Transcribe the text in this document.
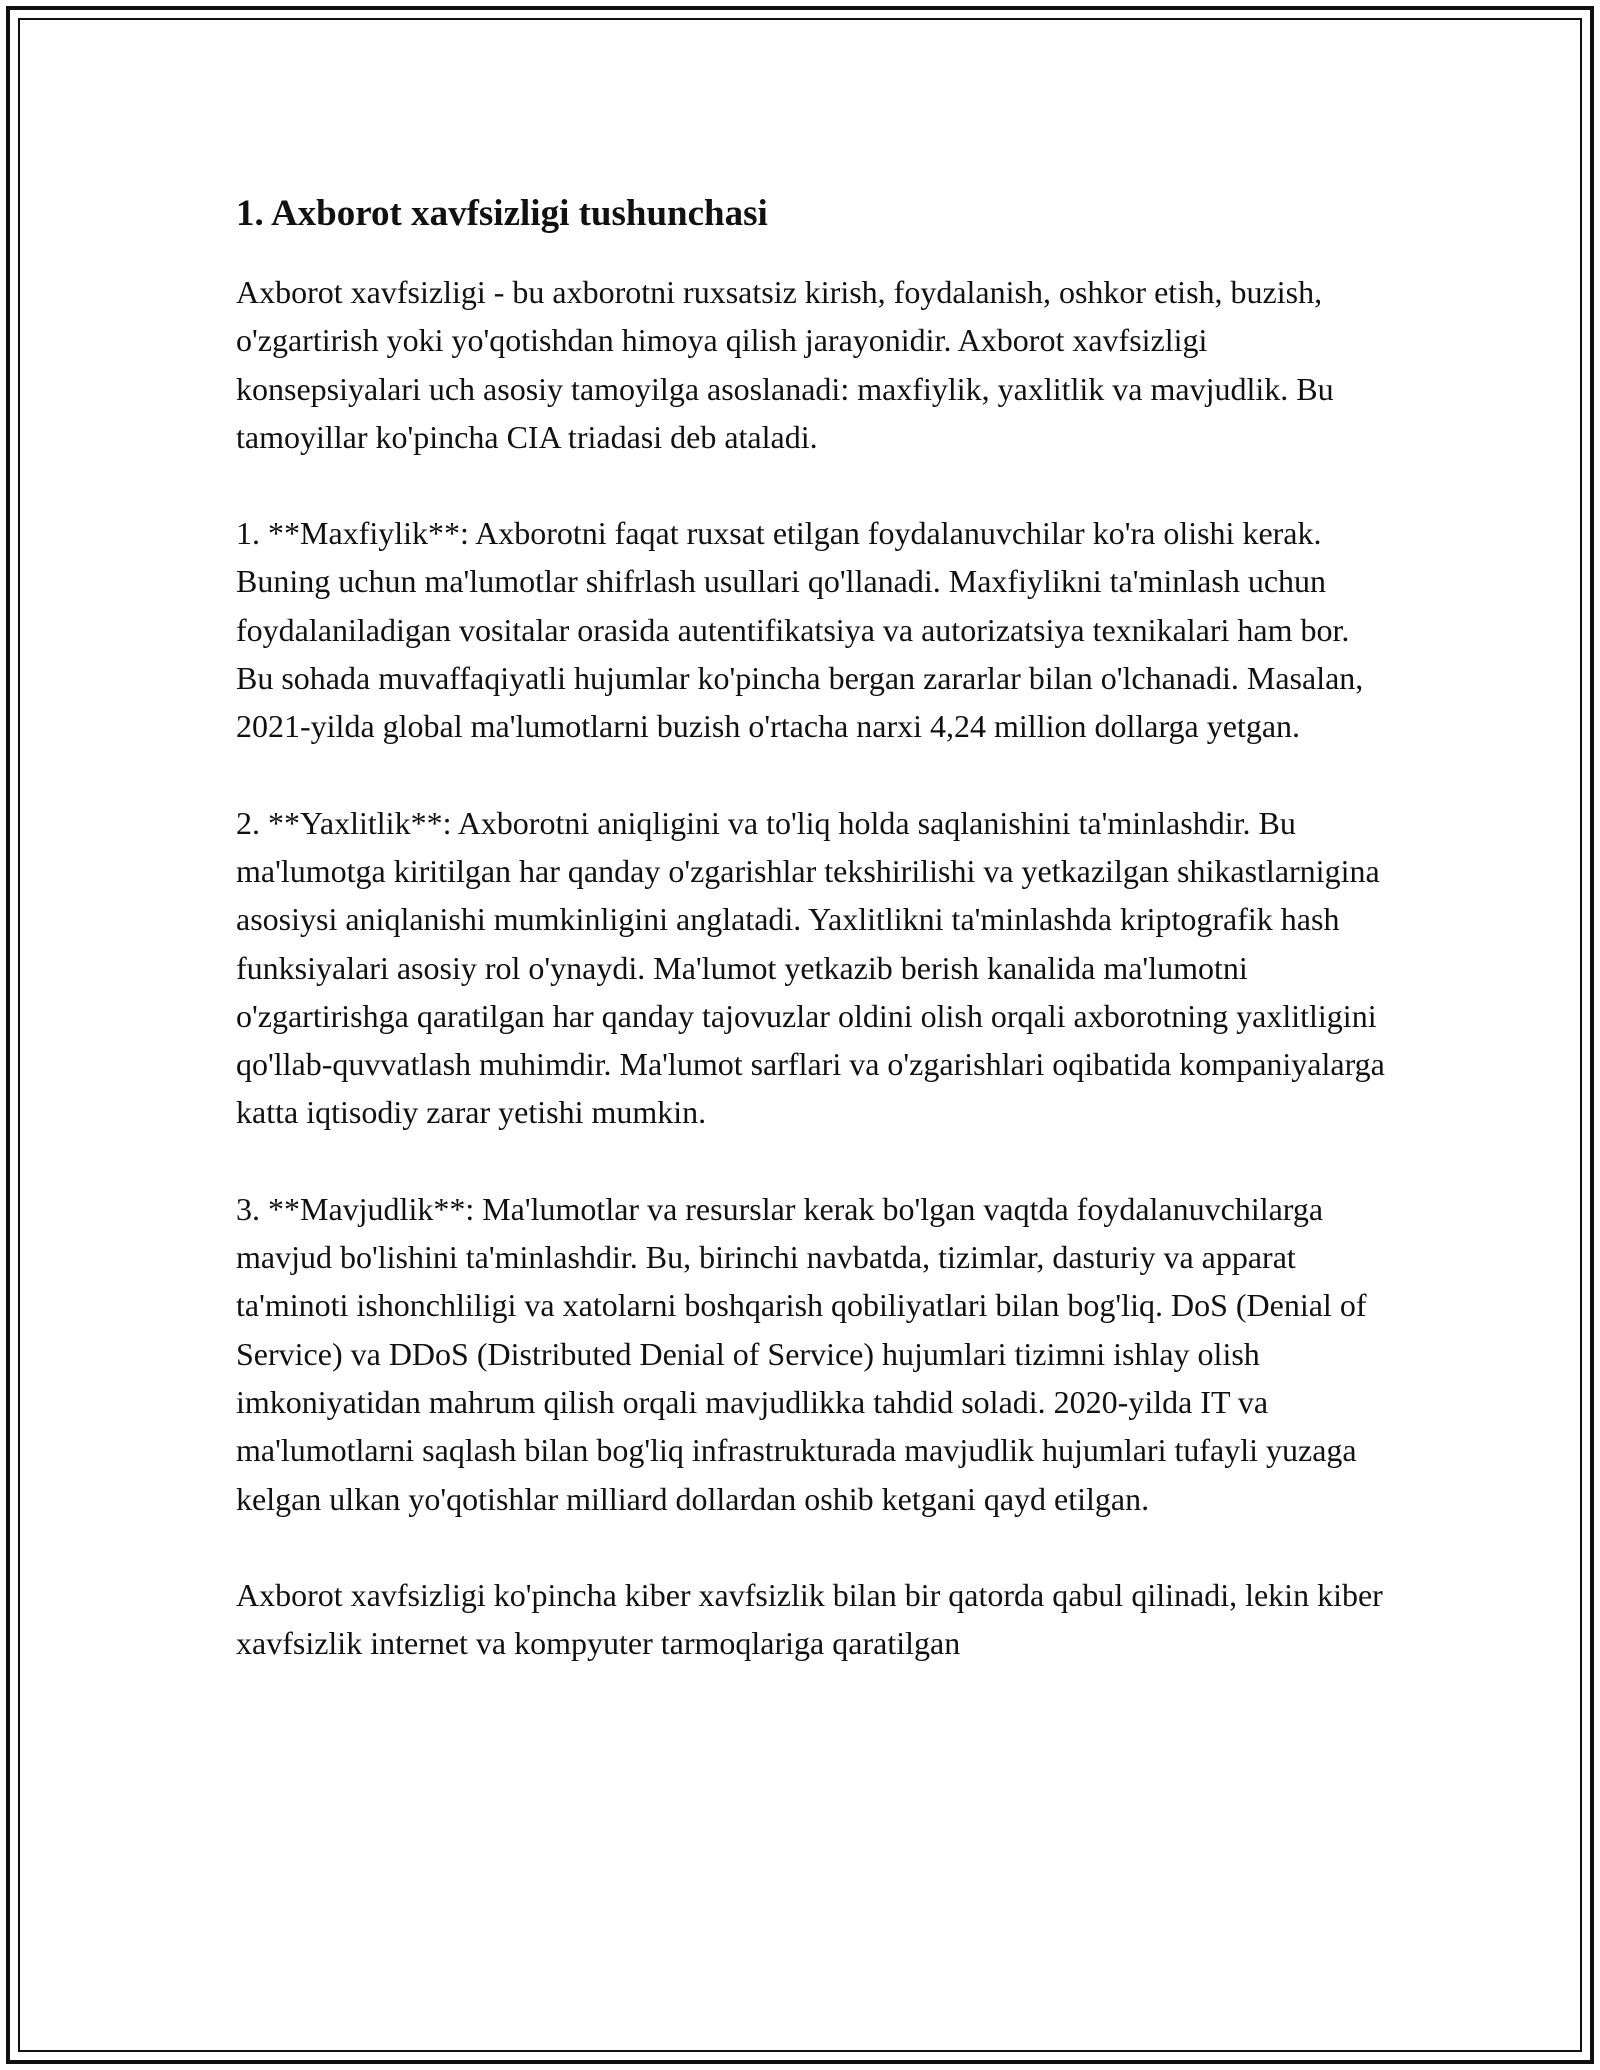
1. Axborot xavfsizligi tushunchasi

Axborot xavfsizligi - bu axborotni ruxsatsiz kirish, foydalanish, oshkor etish, buzish, o'zgartirish yoki yo'qotishdan himoya qilish jarayonidir. Axborot xavfsizligi konsepsiyalari uch asosiy tamoyilga asoslanadi: maxfiylik, yaxlitlik va mavjudlik. Bu tamoyillar ko'pincha CIA triadasi deb ataladi.

1. **Maxfiylik**: Axborotni faqat ruxsat etilgan foydalanuvchilar ko'ra olishi kerak. Buning uchun ma'lumotlar shifrlash usullari qo'llanadi. Maxfiylikni ta'minlash uchun foydalaniladigan vositalar orasida autentifikatsiya va autorizatsiya texnikalari ham bor. Bu sohada muvaffaqiyatli hujumlar ko'pincha bergan zararlar bilan o'lchanadi. Masalan, 2021-yilda global ma'lumotlarni buzish o'rtacha narxi 4,24 million dollarga yetgan.

2. **Yaxlitlik**: Axborotni aniqligini va to'liq holda saqlanishini ta'minlashdir. Bu ma'lumotga kiritilgan har qanday o'zgarishlar tekshirilishi va yetkazilgan shikastlarnigina asosiysi aniqlanishi mumkinligini anglatadi. Yaxlitlikni ta'minlashda kriptografik hash funksiyalari asosiy rol o'ynaydi. Ma'lumot yetkazib berish kanalida ma'lumotni o'zgartirishga qaratilgan har qanday tajovuzlar oldini olish orqali axborotning yaxlitligini qo'llab-quvvatlash muhimdir. Ma'lumot sarflari va o'zgarishlari oqibatida kompaniyalarga katta iqtisodiy zarar yetishi mumkin.

3. **Mavjudlik**: Ma'lumotlar va resurslar kerak bo'lgan vaqtda foydalanuvchilarga mavjud bo'lishini ta'minlashdir. Bu, birinchi navbatda, tizimlar, dasturiy va apparat ta'minoti ishonchliligi va xatolarni boshqarish qobiliyatlari bilan bog'liq. DoS (Denial of Service) va DDoS (Distributed Denial of Service) hujumlari tizimni ishlay olish imkoniyatidan mahrum qilish orqali mavjudlikka tahdid soladi. 2020-yilda IT va ma'lumotlarni saqlash bilan bog'liq infrastrukturada mavjudlik hujumlari tufayli yuzaga kelgan ulkan yo'qotishlar milliard dollardan oshib ketgani qayd etilgan.

Axborot xavfsizligi ko'pincha kiber xavfsizlik bilan bir qatorda qabul qilinadi, lekin kiber xavfsizlik internet va kompyuter tarmoqlariga qaratilgan
